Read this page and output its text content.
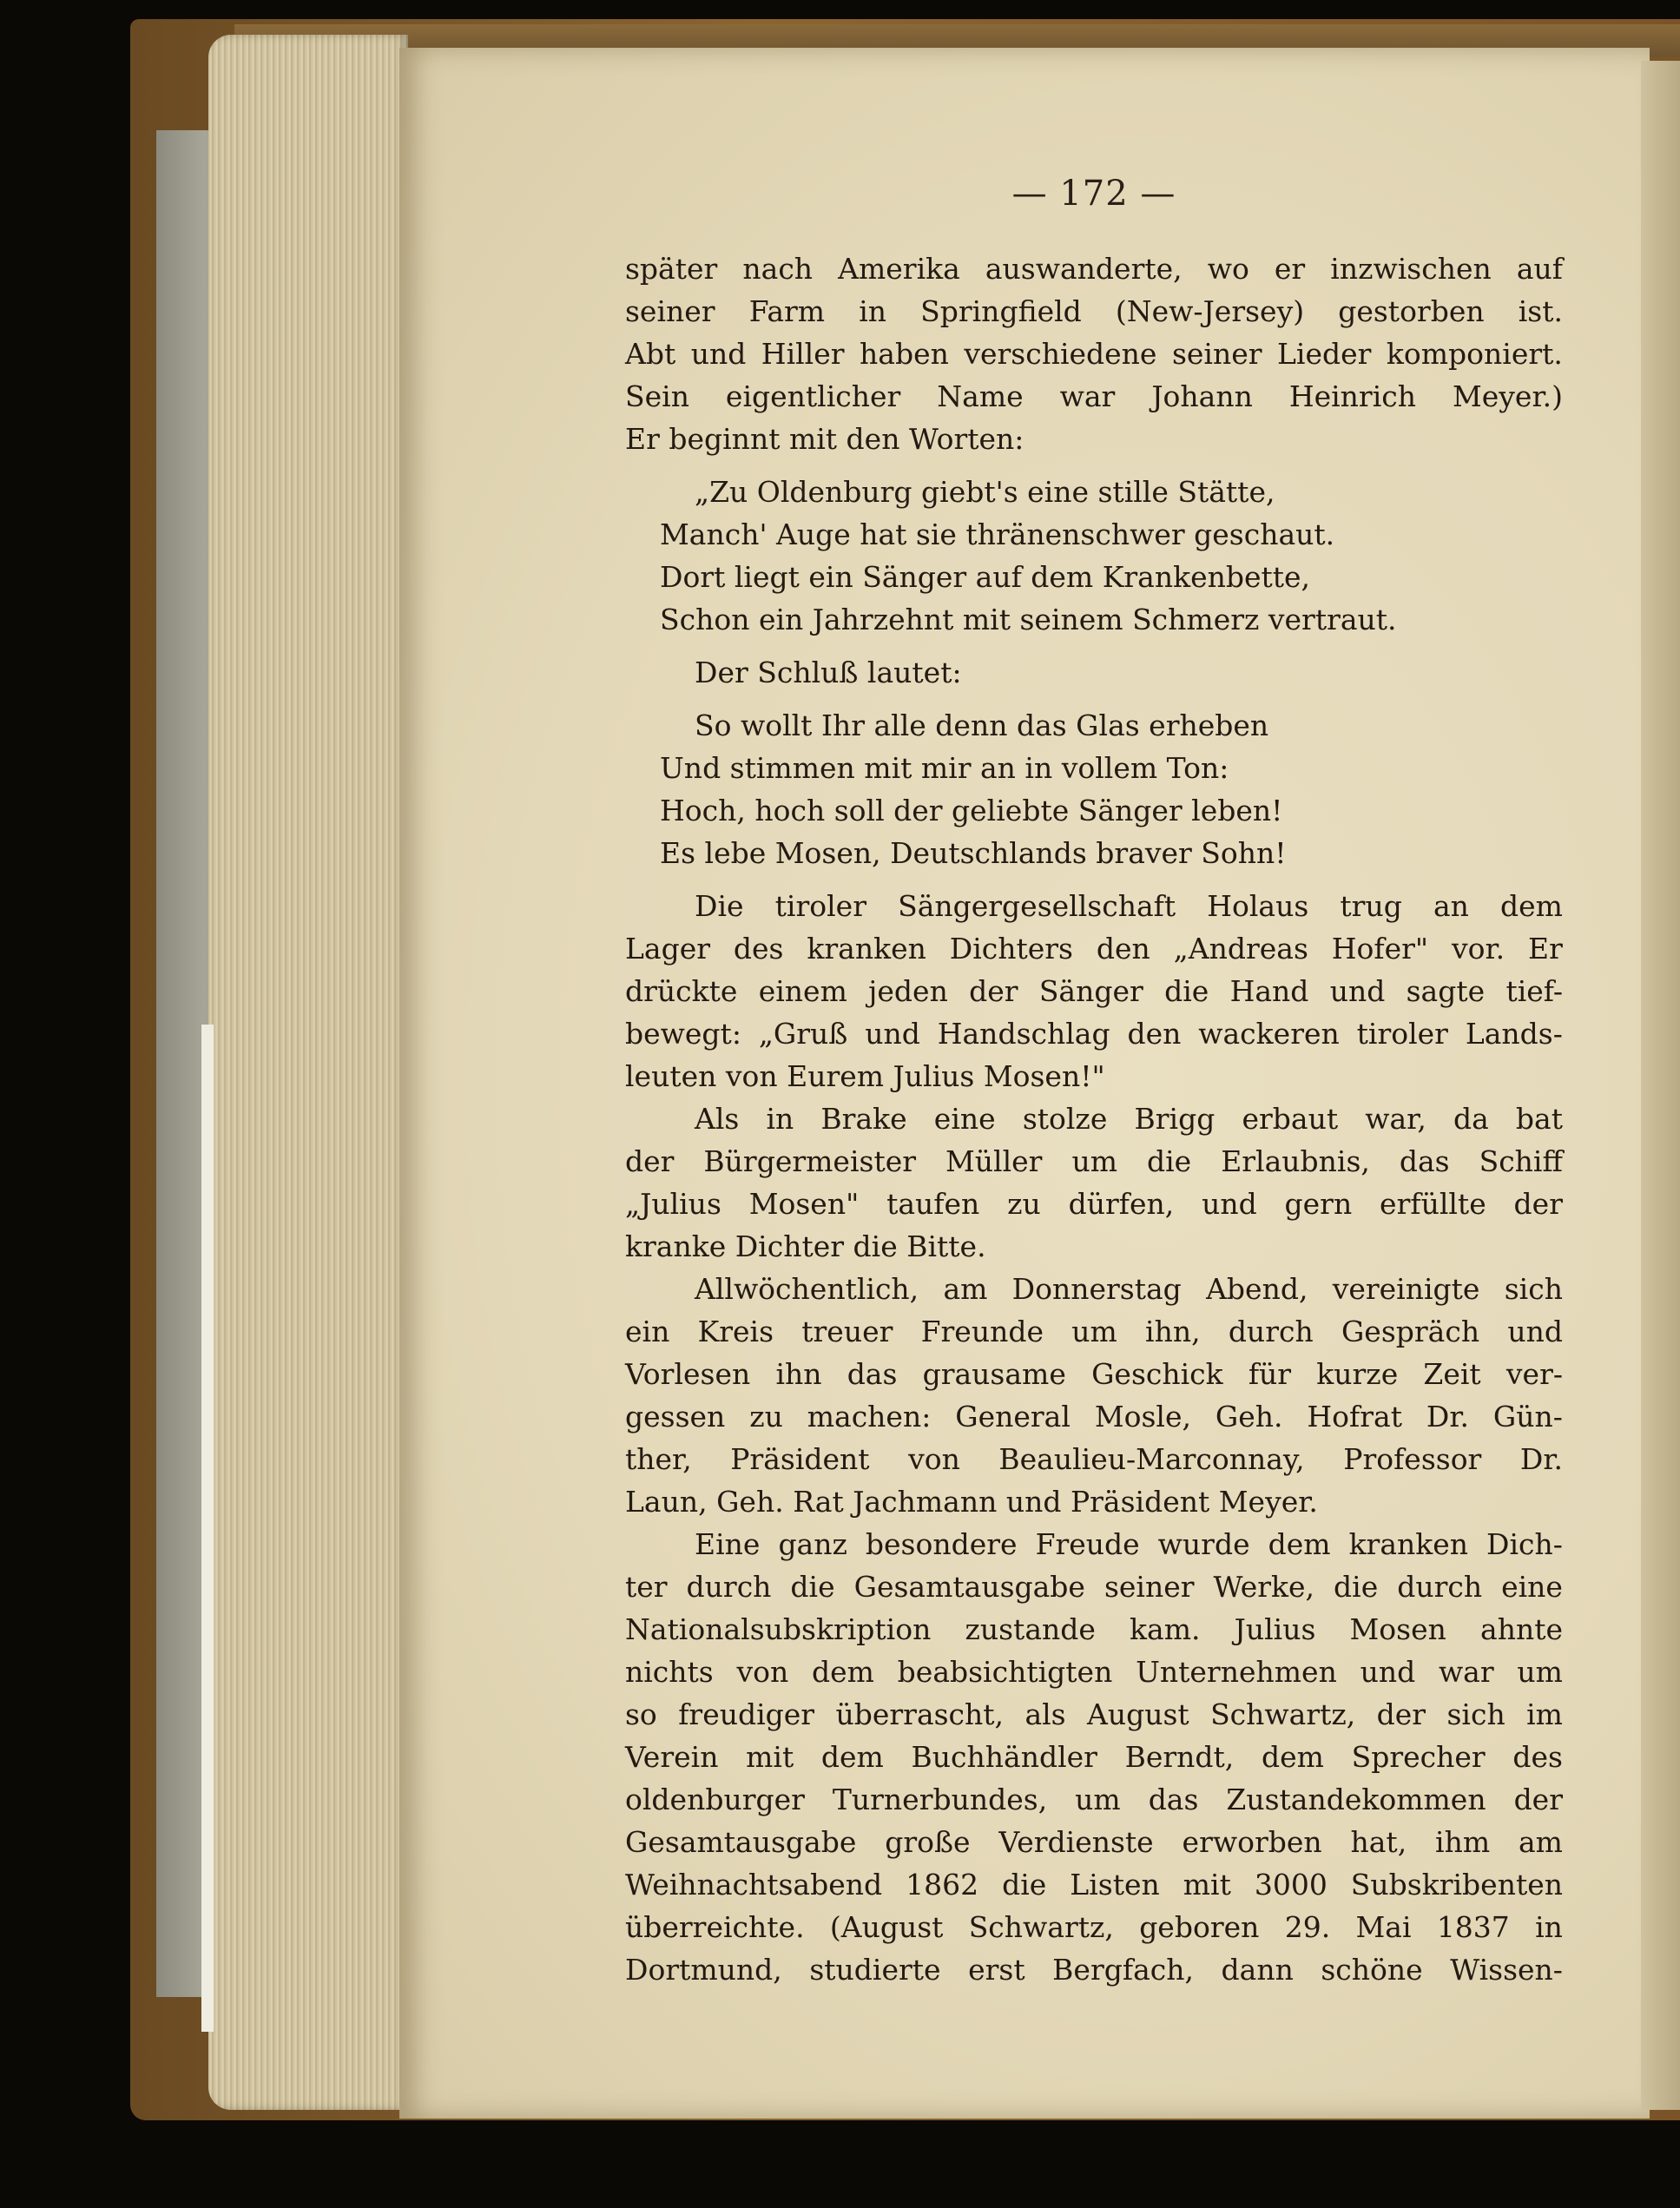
— 172 —
später nach Amerika auswanderte, wo er inzwischen auf
seiner Farm in Springfield (New-Jersey) gestorben ist.
Abt und Hiller haben verschiedene seiner Lieder komponiert.
Sein eigentlicher Name war Johann Heinrich Meyer.)
Er beginnt mit den Worten:
„Zu Oldenburg giebt's eine stille Stätte,
Manch' Auge hat sie thränenschwer geschaut.
Dort liegt ein Sänger auf dem Krankenbette,
Schon ein Jahrzehnt mit seinem Schmerz vertraut.
Der Schluß lautet:
So wollt Ihr alle denn das Glas erheben
Und stimmen mit mir an in vollem Ton:
Hoch, hoch soll der geliebte Sänger leben!
Es lebe Mosen, Deutschlands braver Sohn!
Die tiroler Sängergesellschaft Holaus trug an dem
Lager des kranken Dichters den „Andreas Hofer" vor. Er
drückte einem jeden der Sänger die Hand und sagte tief-
bewegt: „Gruß und Handschlag den wackeren tiroler Lands-
leuten von Eurem Julius Mosen!"
Als in Brake eine stolze Brigg erbaut war, da bat
der Bürgermeister Müller um die Erlaubnis, das Schiff
„Julius Mosen" taufen zu dürfen, und gern erfüllte der
kranke Dichter die Bitte.
Allwöchentlich, am Donnerstag Abend, vereinigte sich
ein Kreis treuer Freunde um ihn, durch Gespräch und
Vorlesen ihn das grausame Geschick für kurze Zeit ver-
gessen zu machen: General Mosle, Geh. Hofrat Dr. Gün-
ther, Präsident von Beaulieu-Marconnay, Professor Dr.
Laun, Geh. Rat Jachmann und Präsident Meyer.
Eine ganz besondere Freude wurde dem kranken Dich-
ter durch die Gesamtausgabe seiner Werke, die durch eine
Nationalsubskription zustande kam. Julius Mosen ahnte
nichts von dem beabsichtigten Unternehmen und war um
so freudiger überrascht, als August Schwartz, der sich im
Verein mit dem Buchhändler Berndt, dem Sprecher des
oldenburger Turnerbundes, um das Zustandekommen der
Gesamtausgabe große Verdienste erworben hat, ihm am
Weihnachtsabend 1862 die Listen mit 3000 Subskribenten
überreichte. (August Schwartz, geboren 29. Mai 1837 in
Dortmund, studierte erst Bergfach, dann schöne Wissen-
